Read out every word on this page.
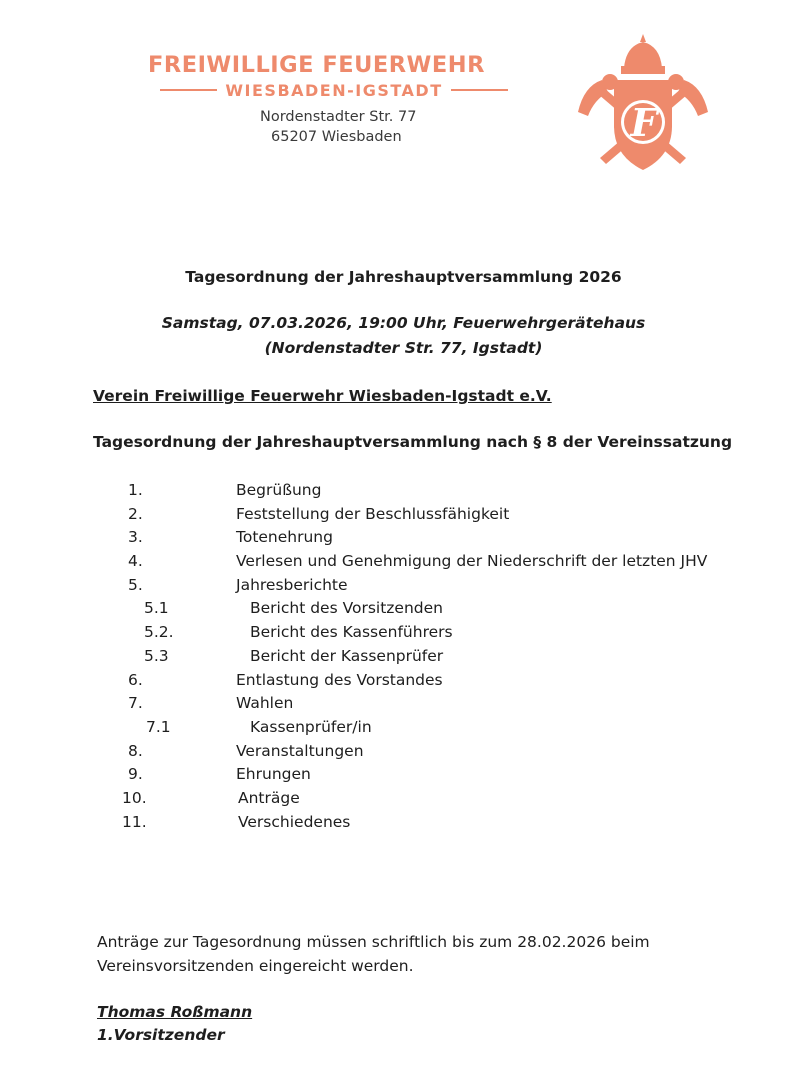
FREIWILLIGE FEUERWEHR
WIESBADEN-IGSTADT
Nordenstadter Str. 77
65207 Wiesbaden	F
Tagesordnung der Jahreshauptversammlung 2026
Samstag, 07.03.2026, 19:00 Uhr, Feuerwehrgerätehaus
(Nordenstadter Str. 77, Igstadt)
Verein Freiwillige Feuerwehr Wiesbaden-Igstadt e.V.
Tagesordnung der Jahreshauptversammlung nach § 8 der Vereinssatzung
1.	Begrüßung
2.	Feststellung der Beschlussfähigkeit
3.	Totenehrung
4.	Verlesen und Genehmigung der Niederschrift der letzten JHV
5.	Jahresberichte
5.1	Bericht des Vorsitzenden
5.2.	Bericht des Kassenführers
5.3	Bericht der Kassenprüfer
6.	Entlastung des Vorstandes
7.	Wahlen
7.1	Kassenprüfer/in
8.	Veranstaltungen
9.	Ehrungen
10.	Anträge
11.	Verschiedenes
Anträge zur Tagesordnung müssen schriftlich bis zum 28.02.2026 beim Vereinsvorsitzenden eingereicht werden.
Thomas Roßmann
1.Vorsitzender
